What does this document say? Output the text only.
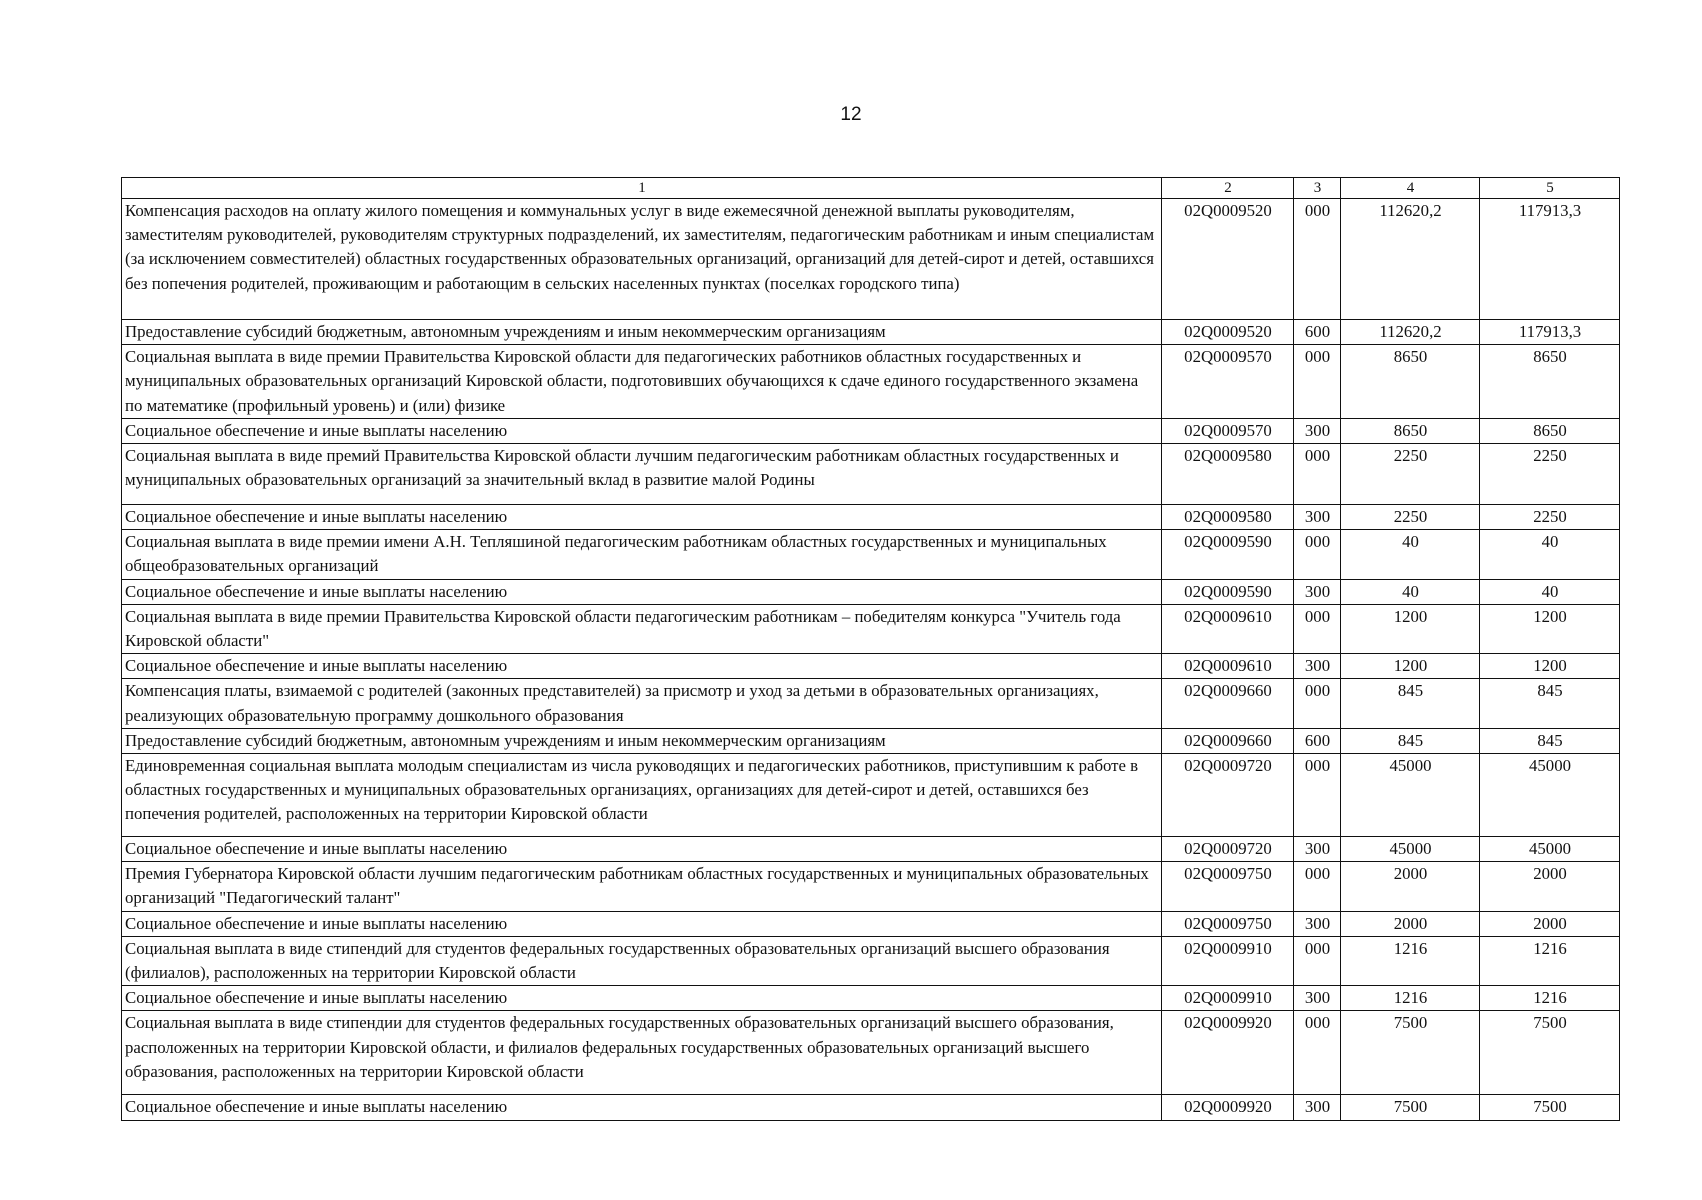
12
1	2	3	4	5
Компенсация расходов на оплату жилого помещения и коммунальных услуг в виде ежемесячной денежной выплаты руководителям, заместителям руководителей, руководителям структурных подразделений, их заместителям, педагогическим работникам и иным специалистам (за исключением совместителей) областных государственных образовательных организаций, организаций для детей-сирот и детей, оставшихся без попечения родителей, проживающим и работающим в сельских населенных пунктах (поселках городского типа)	02Q0009520	000	112620,2	117913,3
Предоставление субсидий бюджетным, автономным учреждениям и иным некоммерческим организациям	02Q0009520	600	112620,2	117913,3
Социальная выплата в виде премии Правительства Кировской области для педагогических работников областных государственных и муниципальных образовательных организаций Кировской области, подготовивших обучающихся к сдаче единого государственного экзамена по математике (профильный уровень) и (или) физике	02Q0009570	000	8650	8650
Социальное обеспечение и иные выплаты населению	02Q0009570	300	8650	8650
Социальная выплата в виде премий Правительства Кировской области лучшим педагогическим работникам областных государственных и муниципальных образовательных организаций за значительный вклад в развитие малой Родины	02Q0009580	000	2250	2250
Социальное обеспечение и иные выплаты населению	02Q0009580	300	2250	2250
Социальная выплата в виде премии имени А.Н. Тепляшиной педагогическим работникам областных государственных и муниципальных общеобразовательных организаций	02Q0009590	000	40	40
Социальное обеспечение и иные выплаты населению	02Q0009590	300	40	40
Социальная выплата в виде премии Правительства Кировской области педагогическим работникам – победителям конкурса "Учитель года Кировской области"	02Q0009610	000	1200	1200
Социальное обеспечение и иные выплаты населению	02Q0009610	300	1200	1200
Компенсация платы, взимаемой с родителей (законных представителей) за присмотр и уход за детьми в образовательных организациях, реализующих образовательную программу дошкольного образования	02Q0009660	000	845	845
Предоставление субсидий бюджетным, автономным учреждениям и иным некоммерческим организациям	02Q0009660	600	845	845
Единовременная социальная выплата молодым специалистам из числа руководящих и педагогических работников, приступившим к работе в областных государственных и муниципальных образовательных организациях, организациях для детей-сирот и детей, оставшихся без попечения родителей, расположенных на территории Кировской области	02Q0009720	000	45000	45000
Социальное обеспечение и иные выплаты населению	02Q0009720	300	45000	45000
Премия Губернатора Кировской области лучшим педагогическим работникам областных государственных и муниципальных образовательных организаций "Педагогический талант"	02Q0009750	000	2000	2000
Социальное обеспечение и иные выплаты населению	02Q0009750	300	2000	2000
Социальная выплата в виде стипендий для студентов федеральных государственных образовательных организаций высшего образования (филиалов), расположенных на территории Кировской области	02Q0009910	000	1216	1216
Социальное обеспечение и иные выплаты населению	02Q0009910	300	1216	1216
Социальная выплата в виде стипендии для студентов федеральных государственных образовательных организаций высшего образования, расположенных на территории Кировской области, и филиалов федеральных государственных образовательных организаций высшего образования, расположенных на территории Кировской области	02Q0009920	000	7500	7500
Социальное обеспечение и иные выплаты населению	02Q0009920	300	7500	7500
